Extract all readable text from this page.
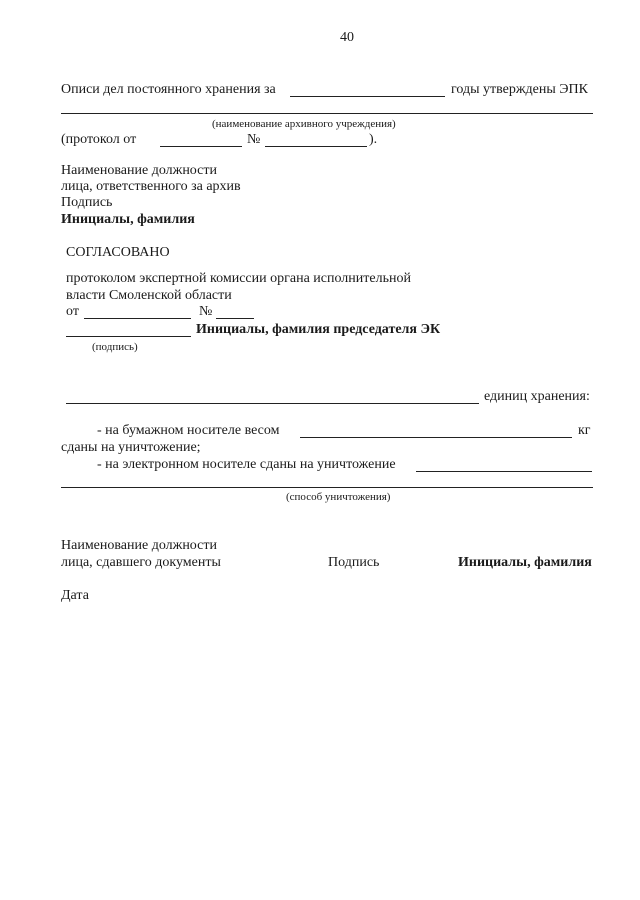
40
Описи дел постоянного хранения за	годы утверждены ЭПК
(наименование архивного учреждения)
(протокол от	№	).
Наименование должности
лица, ответственного за архив
Подпись
Инициалы, фамилия
СОГЛАСОВАНО
протоколом экспертной комиссии органа исполнительной
власти Смоленской области
от	№
Инициалы, фамилия председателя ЭК
(подпись)
единиц хранения:
- на бумажном носителе весом	кг
сданы на уничтожение;
- на электронном носителе сданы на уничтожение
(способ уничтожения)
Наименование должности
лица, сдавшего документы	Подпись	Инициалы, фамилия
Дата
